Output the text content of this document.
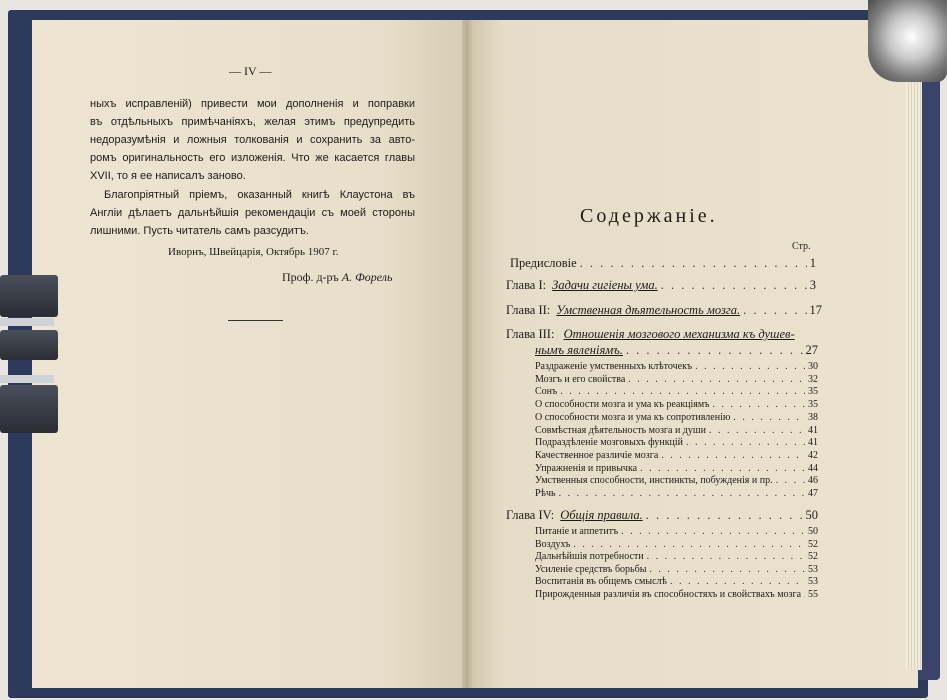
— IV —
ныхъ исправленій) привести мои дополненія и поправки
въ отдѣльныхъ примѣчаніяхъ, желая этимъ предупредить
недоразумѣнія и ложныя толкованія и сохранить за авто-
ромъ оригинальность его изложенія. Что же касается главы
XVII, то я ее написалъ заново.
Благопріятный пріемъ, оказанный книгѣ Клаустона въ
Англіи дѣлаетъ дальнѣйшія рекомендаціи съ моей стороны
лишними. Пусть читатель самъ разсудитъ.
Иворнъ, Швейцарія, Октябрь 1907 г.
Проф. д-ръ А. Форель
Содержаніе.
Стр.
Предисловіе . . .	1
Глава I: Задачи гигіены ума. . . .	3
Глава II: Умственная дѣятельность мозга. . . .	17
Глава III: Отношенія мозгового механизма къ душев-
нымъ явленіямъ. . . .	27
Раздраженіе умственныхъ клѣточекъ . . .	30
Мозгъ и его свойства . . .	32
Сонъ . . .	35
О способности мозга и ума къ реакціямъ . . .	35
О способности мозга и ума къ сопротивленію . . .	38
Совмѣстная дѣятельность мозга и души . . .	41
Подраздѣленіе мозговыхъ функцій . . .	41
Качественное различіе мозга . . .	42
Упражненія и привычка . . .	44
Умственныя способности, инстинкты, побужденія и пр. . . .	46
Рѣчь . . .	47
Глава IV: Общія правила. . . .	50
Питаніе и аппетитъ . . .	50
Воздухъ . . .	52
Дальнѣйшія потребности . . .	52
Усиленіе средствъ борьбы . . .	53
Воспитанія въ общемъ смыслѣ . . .	53
Прирожденныя различія въ способностяхъ и свойствахъ мозга . . . 55
